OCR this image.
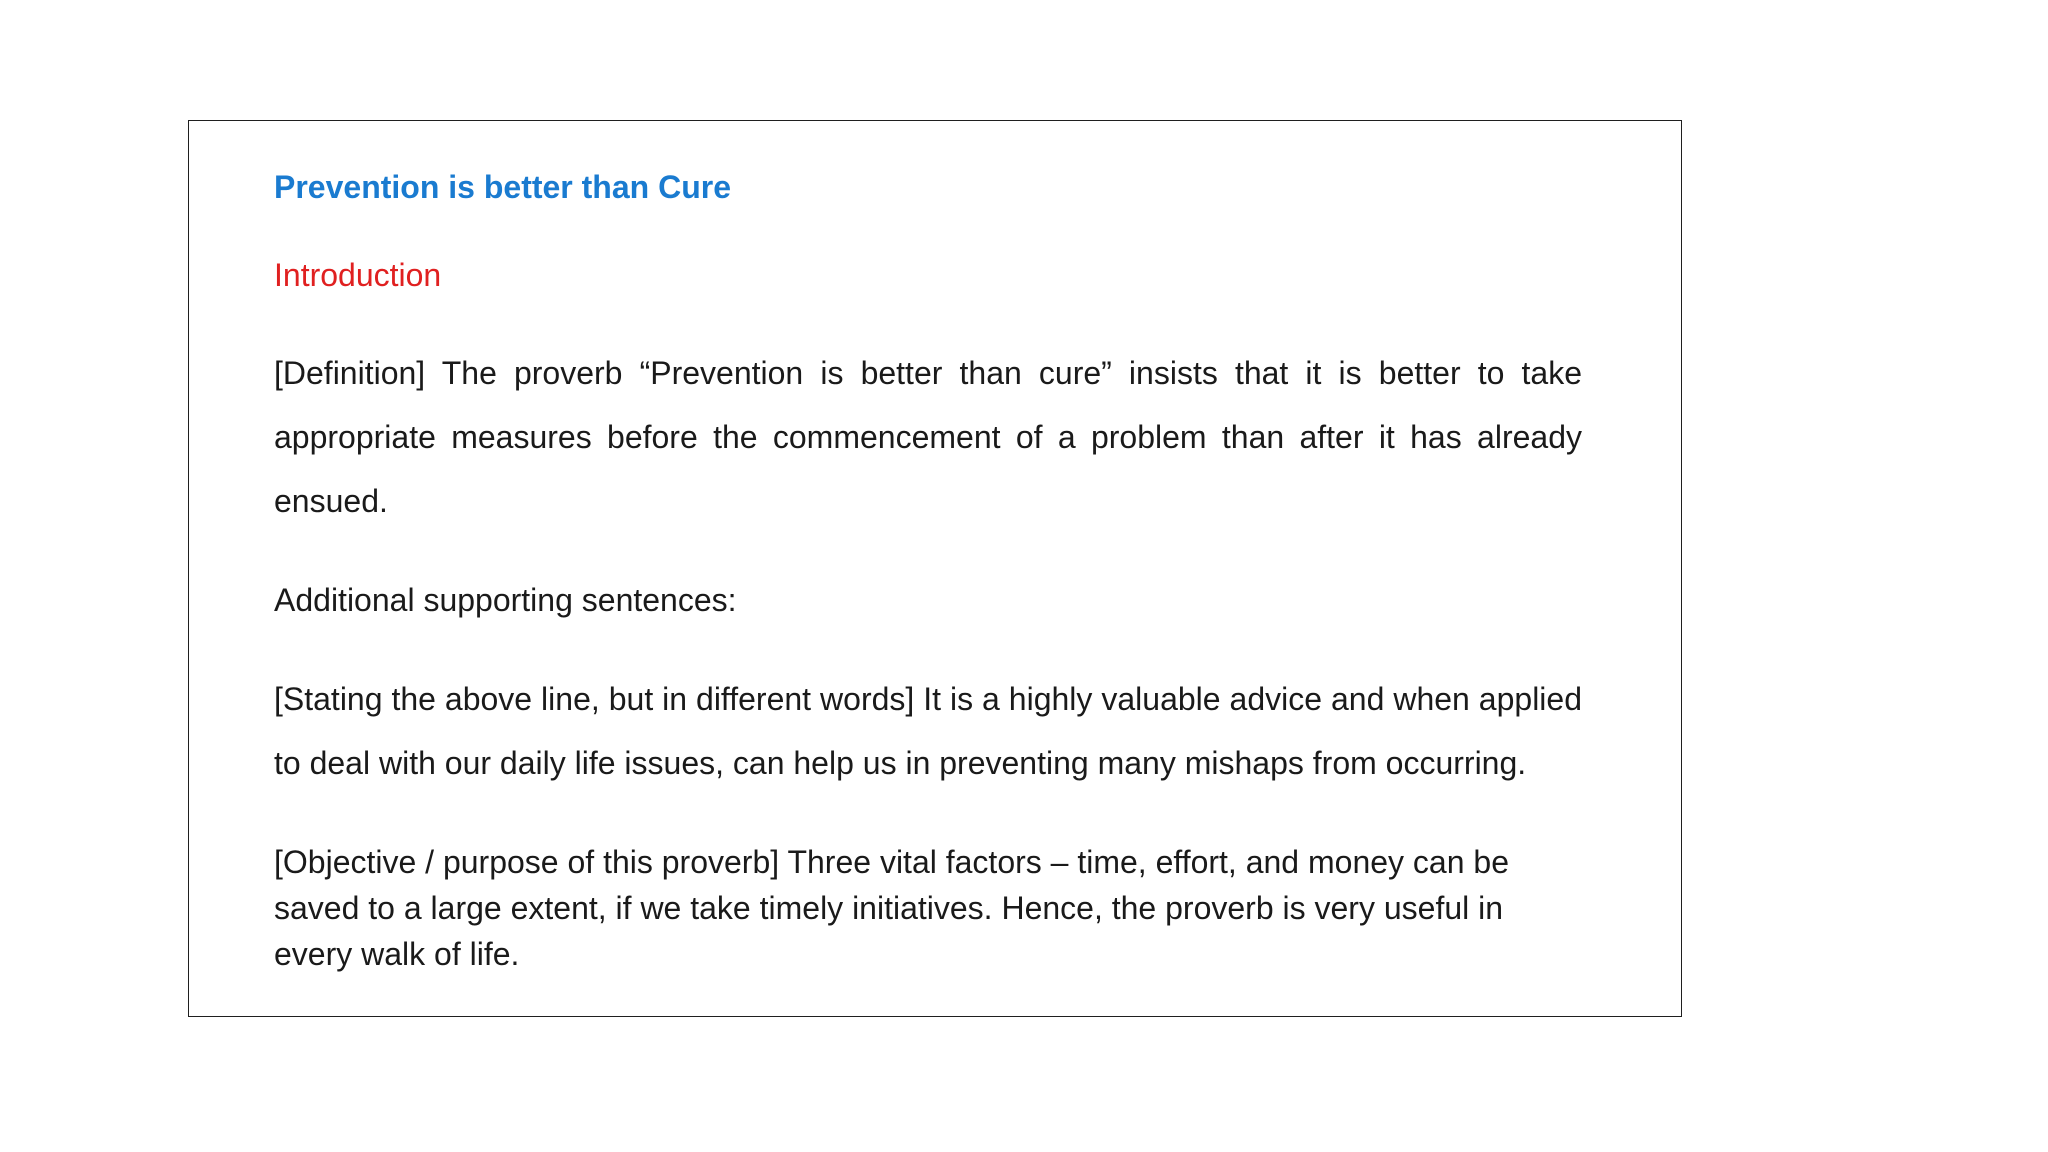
Prevention is better than Cure

Introduction

[Definition] The proverb “Prevention is better than cure” insists that it is better to take appropriate measures before the commencement of a problem than after it has already ensued.

Additional supporting sentences:

[Stating the above line, but in different words] It is a highly valuable advice and when applied to deal with our daily life issues, can help us in preventing many mishaps from occurring.

[Objective / purpose of this proverb] Three vital factors – time, effort, and money can be saved to a large extent, if we take timely initiatives. Hence, the proverb is very useful in every walk of life.
